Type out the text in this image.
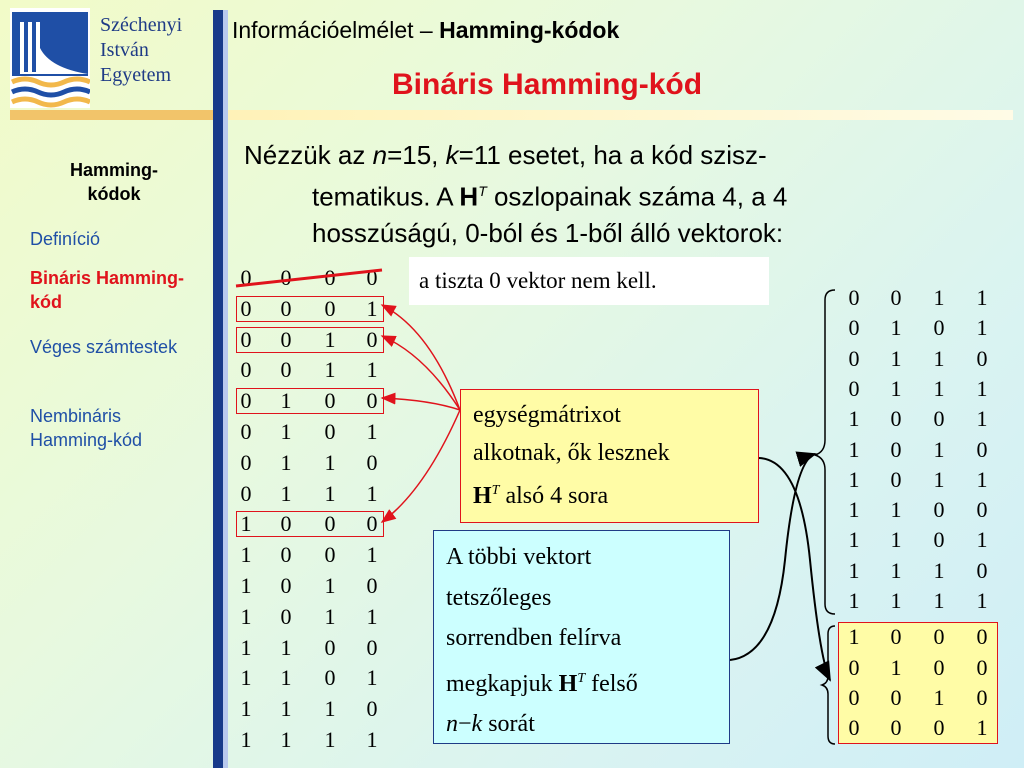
Széchenyi
István
Egyetem
Információelmélet – Hamming-kódok
Bináris Hamming-kód
Hamming-
kódok
Definíció
Bináris Hamming-kód
Véges számtestek
Nembináris Hamming-kód
Nézzük az n=15, k=11 esetet, ha a kód szisz-
tematikus. A $H^T$ oszlopainak száma 4, a 4
hosszúságú, 0-ból és 1-ből álló vektorok:
0 0 0 0
0 0 0 1
0 0 1 0
0 0 1 1
0 1 0 0
0 1 0 1
0 1 1 0
0 1 1 1
1 0 0 0
1 0 0 1
1 0 1 0
1 0 1 1
1 1 0 0
1 1 0 1
1 1 1 0
1 1 1 1
0 0 1 1
0 1 0 1
0 1 1 0
0 1 1 1
1 0 0 1
1 0 1 0
1 0 1 1
1 1 0 0
1 1 0 1
1 1 1 0
1 1 1 1
1 0 0 0
0 1 0 0
0 0 1 0
0 0 0 1
a tiszta 0 vektor nem kell.
egységmátrixot
alkotnak, ők lesznek
$H^T$ alsó 4 sora
A többi vektort
tetszőleges
sorrendben felírva
megkapjuk $H^T$ felső
n−k sorát
